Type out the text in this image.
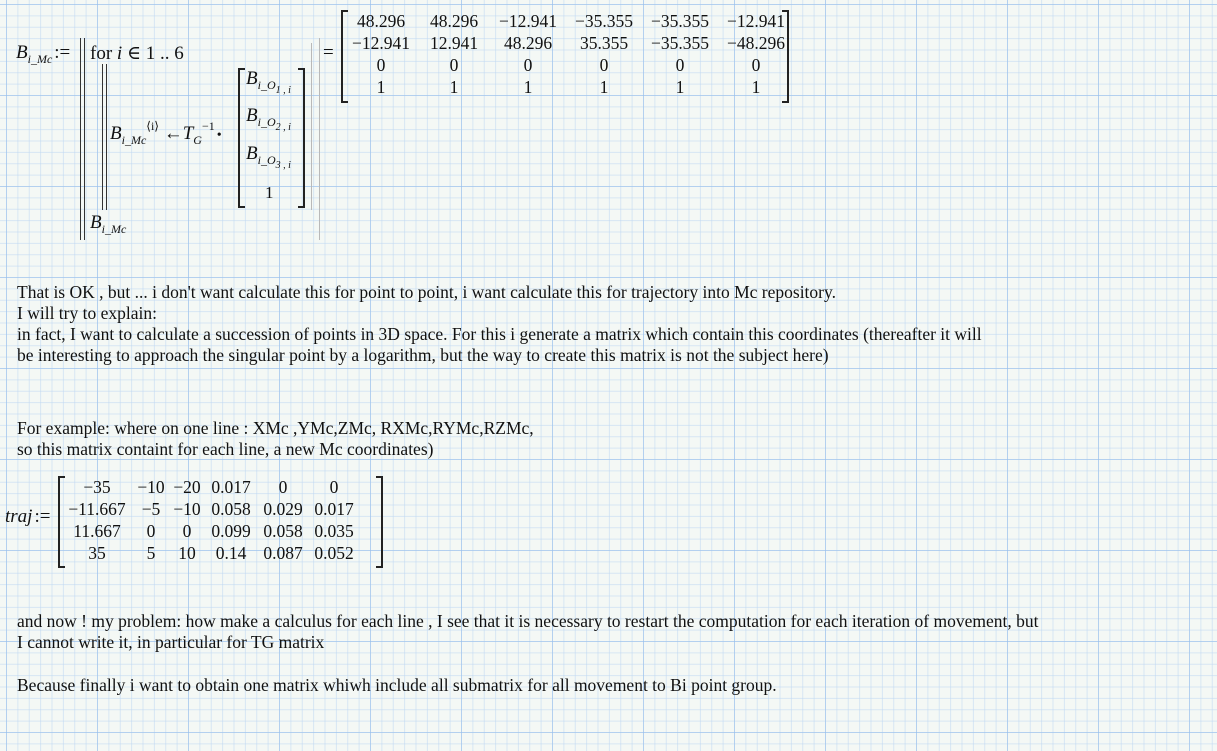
$B_{i\_Mc}$ := for i ∈ 1 .. 6
$B_{i\_Mc}^{⟨i⟩}$ $\leftarrow T_G^{-1}•$
$B_{i\_O1 , i}$
$B_{i\_O2 , i}$
$B_{i\_O3 , i}$
1
$B_{i\_Mc}$
=
48.296	48.296	−12.941	−35.355	−35.355	−12.941
−12.941	12.941	48.296	35.355	−35.355	−48.296
0	0	0	0	0	0
1	1	1	1	1	1
That is OK , but ... i don't want calculate this for point to point, i want calculate this for trajectory into Mc repository.
I will try to explain:
in fact, I want to calculate a succession of points in 3D space. For this i generate a matrix which contain this coordinates (thereafter it will
be interesting to approach the singular point by a logarithm, but the way to create this matrix is not the subject here)
For example: where on one line : XMc ,YMc,ZMc, RXMc,RYMc,RZMc,
so this matrix containt for each line, a new Mc coordinates)
traj :=
−35	−10	−20	0.017	0	0
−11.667	−5	−10	0.058	0.029	0.017
11.667	0	0	0.099	0.058	0.035
35	5	10	0.14	0.087	0.052
and now ! my problem: how make a calculus for each line , I see that it is necessary to restart the computation for each iteration of movement, but
I cannot write it, in particular for TG matrix
Because finally i want to obtain one matrix whiwh include all submatrix for all movement to Bi point group.
